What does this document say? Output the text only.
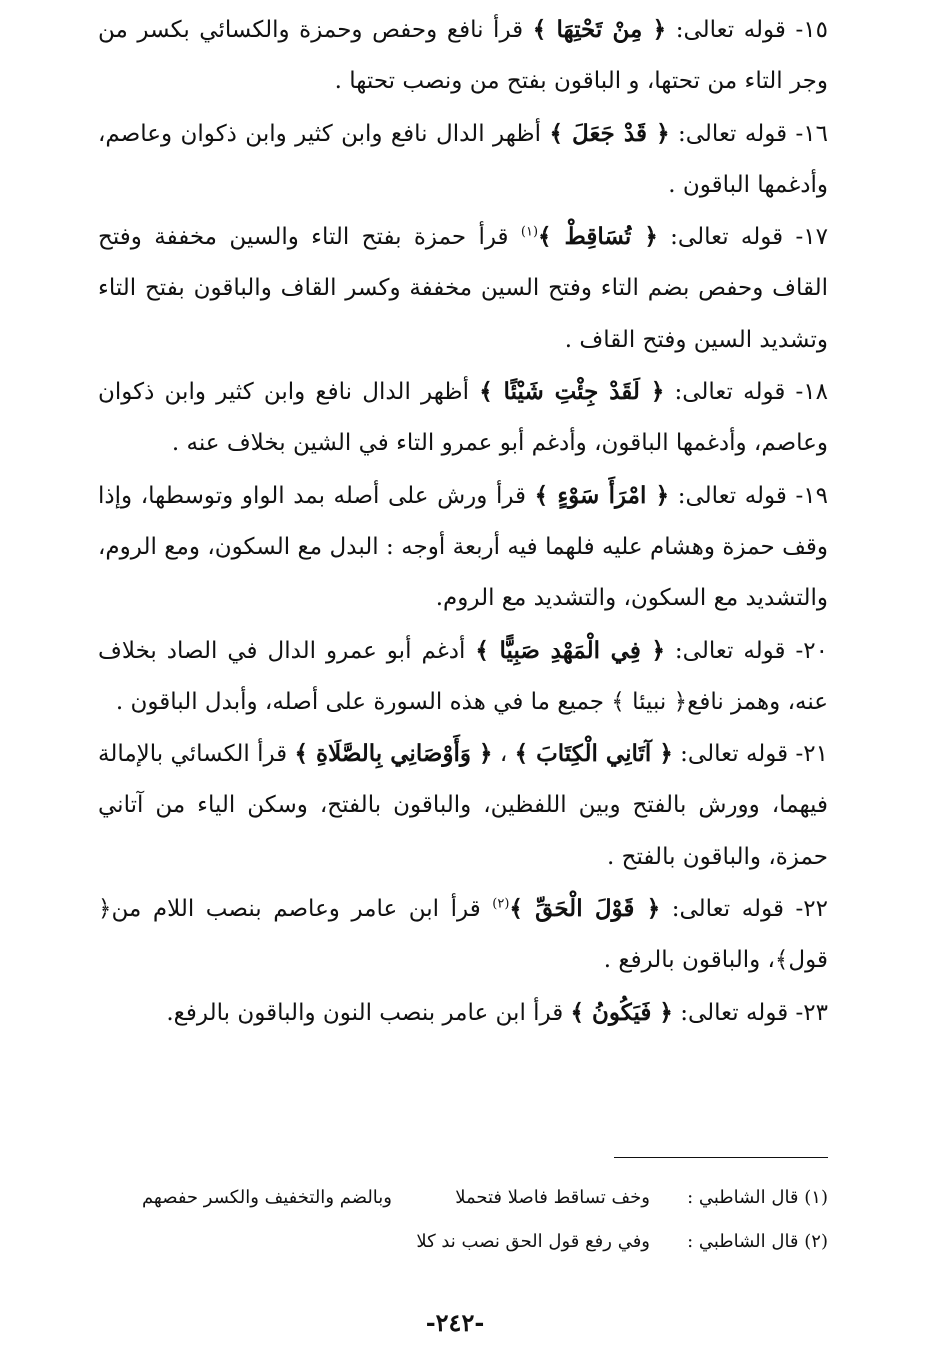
١٥- قوله تعالى: ﴿ مِنْ تَحْتِهَا ﴾ قرأ نافع وحفص وحمزة والكسائي بكسر من وجر التاء من تحتها، و الباقون بفتح من ونصب تحتها .

١٦- قوله تعالى: ﴿ قَدْ جَعَلَ ﴾ أظهر الدال نافع وابن كثير وابن ذكوان وعاصم، وأدغمها الباقون .

١٧- قوله تعالى: ﴿ تُسَاقِطْ ﴾$^{(١)}$ قرأ حمزة بفتح التاء والسين مخففة وفتح القاف وحفص بضم التاء وفتح السين مخففة وكسر القاف والباقون بفتح التاء وتشديد السين وفتح القاف .

١٨- قوله تعالى: ﴿ لَقَدْ جِئْتِ شَيْئًا ﴾ أظهر الدال نافع وابن كثير وابن ذكوان وعاصم، وأدغمها الباقون، وأدغم أبو عمرو التاء في الشين بخلاف عنه .

١٩- قوله تعالى: ﴿ امْرَأَ سَوْءٍ ﴾ قرأ ورش على أصله بمد الواو وتوسطها، وإذا وقف حمزة وهشام عليه فلهما فيه أربعة أوجه : البدل مع السكون، ومع الروم، والتشديد مع السكون، والتشديد مع الروم.

٢٠- قوله تعالى: ﴿ فِي الْمَهْدِ صَبِيًّا ﴾ أدغم أبو عمرو الدال في الصاد بخلاف عنه، وهمز نافع﴿ نبيئا ﴾ جميع ما في هذه السورة على أصله، وأبدل الباقون .

٢١- قوله تعالى: ﴿ آتَانِي الْكِتَابَ ﴾ ، ﴿ وَأَوْصَانِي بِالصَّلَاةِ ﴾ قرأ الكسائي بالإمالة فيهما، وورش بالفتح وبين اللفظين، والباقون بالفتح، وسكن الياء من آتاني حمزة، والباقون بالفتح .

٢٢- قوله تعالى: ﴿ قَوْلَ الْحَقِّ ﴾$^{(٢)}$ قرأ ابن عامر وعاصم بنصب اللام من﴿ قول﴾، والباقون بالرفع .

٢٣- قوله تعالى: ﴿ فَيَكُونُ ﴾ قرأ ابن عامر بنصب النون والباقون بالرفع.

(١) قال الشاطبي :
وخف تساقط فاصلا فتحملا
وبالضم والتخفيف والكسر حفصهم
(٢) قال الشاطبي :
وفي رفع قول الحق نصب ند كلا
-٢٤٢-
